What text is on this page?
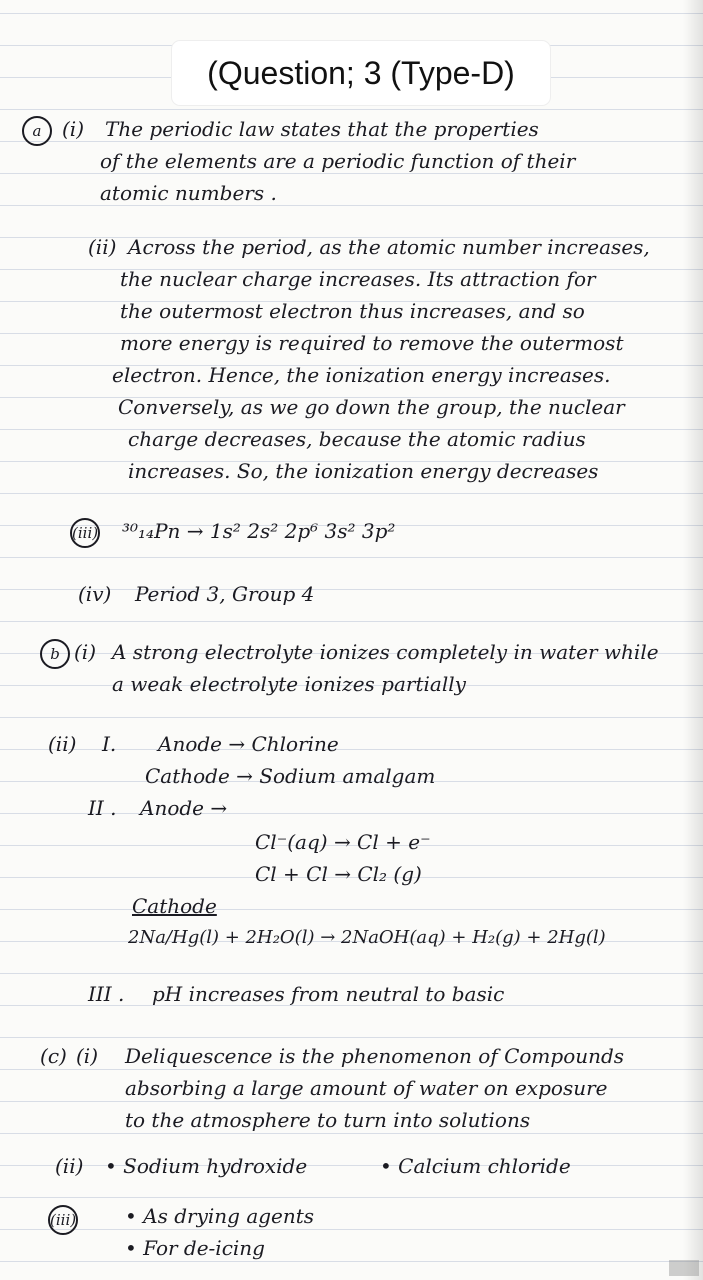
(Question; 3 (Type-D)
a	(i) The periodic law states that the properties
of the elements are a periodic function of their
atomic numbers .
(ii) Across the period, as the atomic number increases,
the nuclear charge increases. Its attraction for
the outermost electron thus increases, and so
more energy is required to remove the outermost
electron. Hence, the ionization energy increases.
Conversely, as we go down the group, the nuclear
charge decreases, because the atomic radius
increases. So, the ionization energy decreases
(iii) ³⁰₁₄Pn → 1s² 2s² 2p⁶ 3s² 3p²
(iv) Period 3, Group 4
b (i) A strong electrolyte ionizes completely in water while
a weak electrolyte ionizes partially
(ii) I. Anode → Chlorine
Cathode → Sodium amalgam
II . Anode →
Cl⁻(aq) → Cl + e⁻
Cl + Cl → Cl₂ (g)
Cathode
2Na/Hg(l) + 2H₂O(l) → 2NaOH(aq) + H₂(g) + 2Hg(l)
III . pH increases from neutral to basic
(c) (i) Deliquescence is the phenomenon of Compounds
absorbing a large amount of water on exposure
to the atmosphere to turn into solutions
(ii) • Sodium hydroxide	• Calcium chloride
(iii) • As drying agents
• For de-icing
